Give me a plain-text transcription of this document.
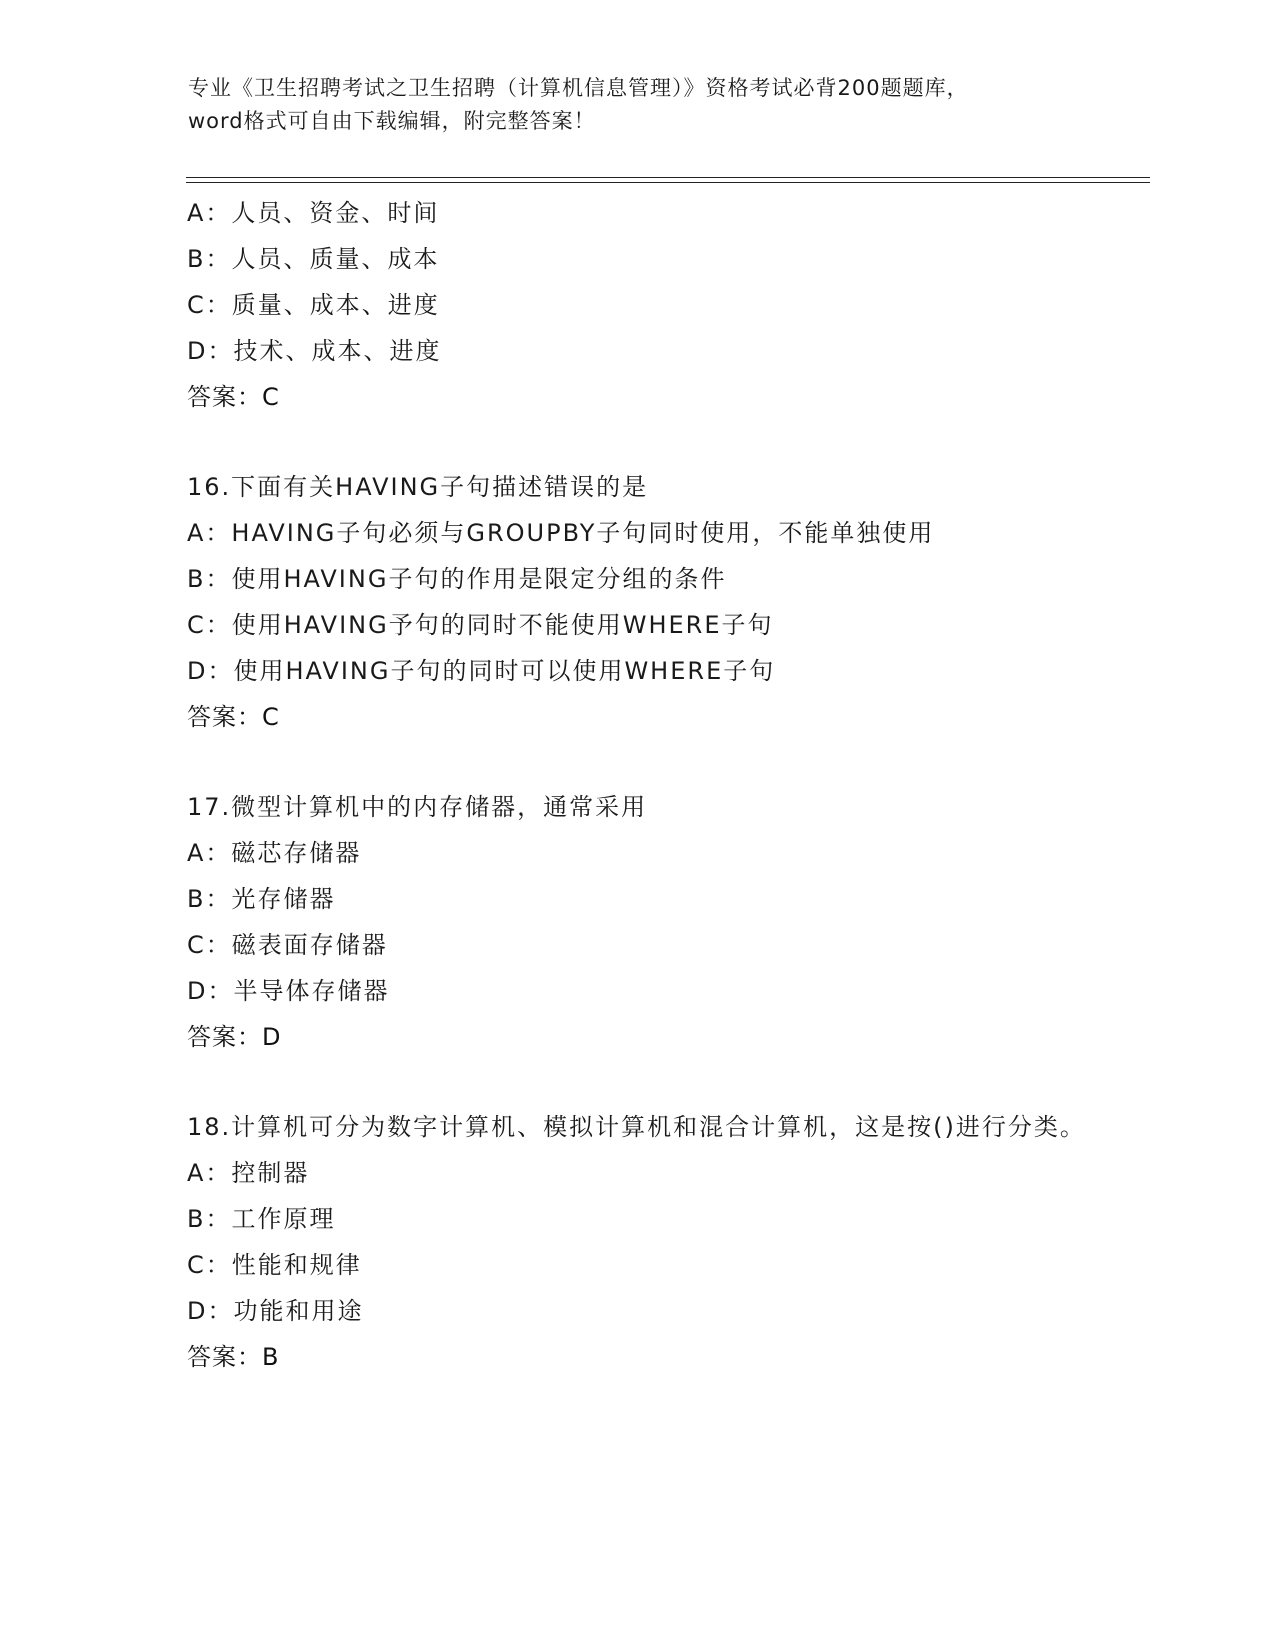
专业《卫生招聘考试之卫生招聘（计算机信息管理）》资格考试必背200题题库，

word格式可自由下载编辑，附完整答案！

A：人员、资金、时间
B：人员、质量、成本
C：质量、成本、进度
D：技术、成本、进度
答案：C
16.下面有关HAVING子句描述错误的是
A：HAVING子句必须与GROUPBY子句同时使用，不能单独使用
B：使用HAVING子句的作用是限定分组的条件
C：使用HAVING予句的同时不能使用WHERE子句
D：使用HAVING子句的同时可以使用WHERE子句
答案：C
17.微型计算机中的内存储器，通常采用
A：磁芯存储器
B：光存储器
C：磁表面存储器
D：半导体存储器
答案：D
18.计算机可分为数字计算机、模拟计算机和混合计算机，这是按()进行分类。
A：控制器
B：工作原理
C：性能和规律
D：功能和用途
答案：B
